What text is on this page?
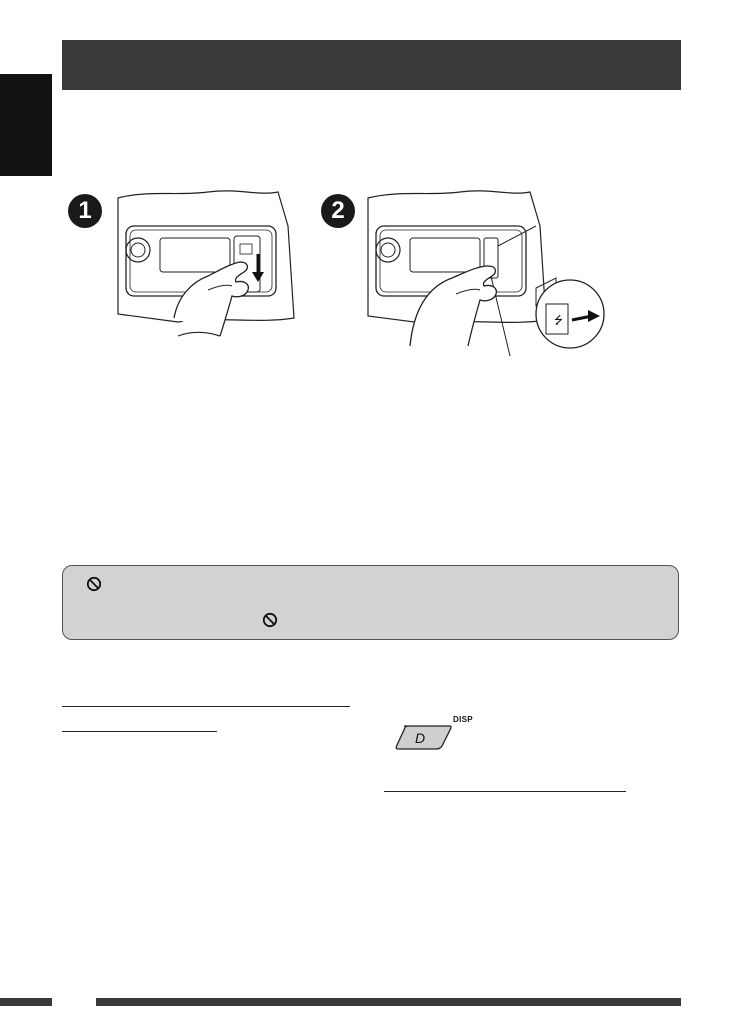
1	2
⭍
DISP
D
